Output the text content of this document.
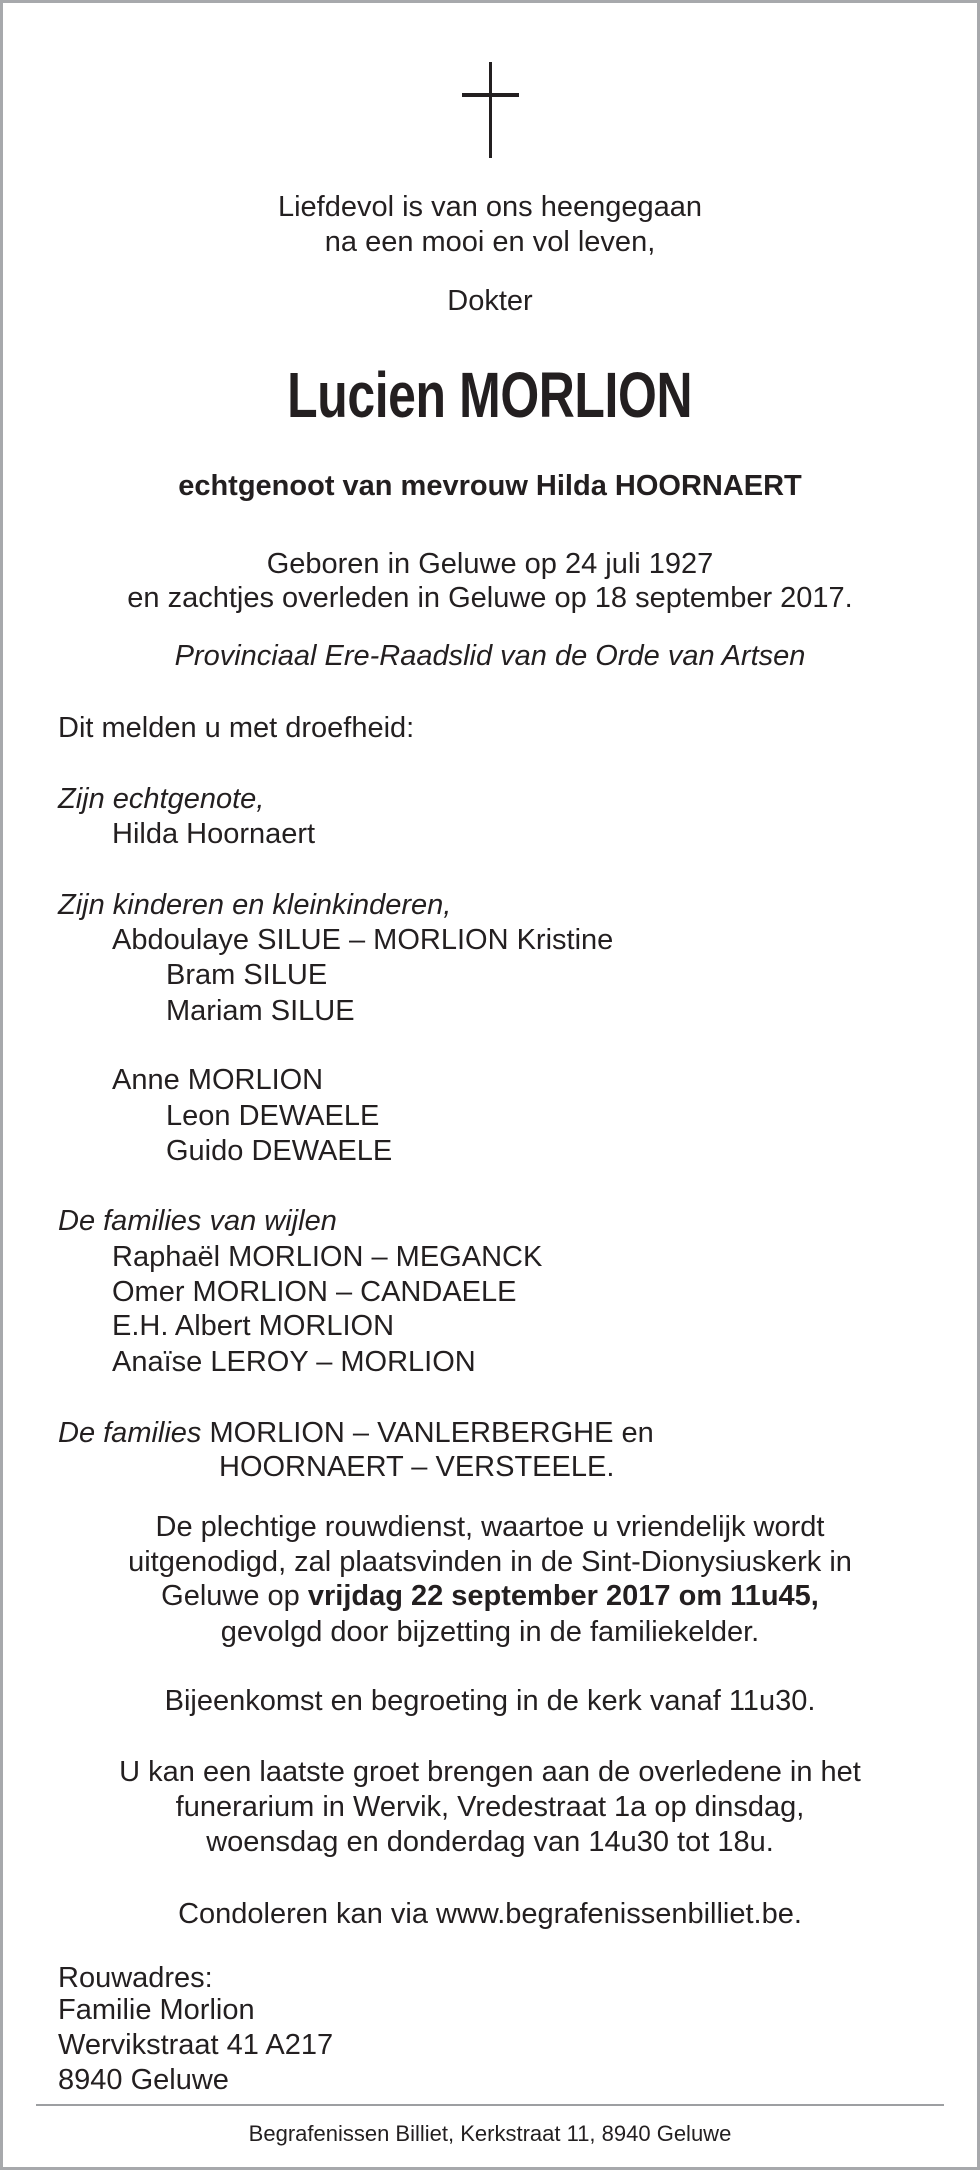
Liefdevol is van ons heengegaan
na een mooi en vol leven,
Dokter
Lucien MORLION
echtgenoot van mevrouw Hilda HOORNAERT
Geboren in Geluwe op 24 juli 1927
en zachtjes overleden in Geluwe op 18 september 2017.
Provinciaal Ere-Raadslid van de Orde van Artsen
Dit melden u met droefheid:
Zijn echtgenote,
Hilda Hoornaert
Zijn kinderen en kleinkinderen,
Abdoulaye SILUE – MORLION Kristine
Bram SILUE
Mariam SILUE
Anne MORLION
Leon DEWAELE
Guido DEWAELE
De families van wijlen
Raphaël MORLION – MEGANCK
Omer MORLION – CANDAELE
E.H. Albert MORLION
Anaïse LEROY – MORLION
De families MORLION – VANLERBERGHE en
HOORNAERT – VERSTEELE.
De plechtige rouwdienst, waartoe u vriendelijk wordt
uitgenodigd, zal plaatsvinden in de Sint-Dionysiuskerk in
Geluwe op vrijdag 22 september 2017 om 11u45,
gevolgd door bijzetting in de familiekelder.
Bijeenkomst en begroeting in de kerk vanaf 11u30.
U kan een laatste groet brengen aan de overledene in het
funerarium in Wervik, Vredestraat 1a op dinsdag,
woensdag en donderdag van 14u30 tot 18u.
Condoleren kan via www.begrafenissenbilliet.be.
Rouwadres:
Familie Morlion
Wervikstraat 41 A217
8940 Geluwe
Begrafenissen Billiet, Kerkstraat 11, 8940 Geluwe
